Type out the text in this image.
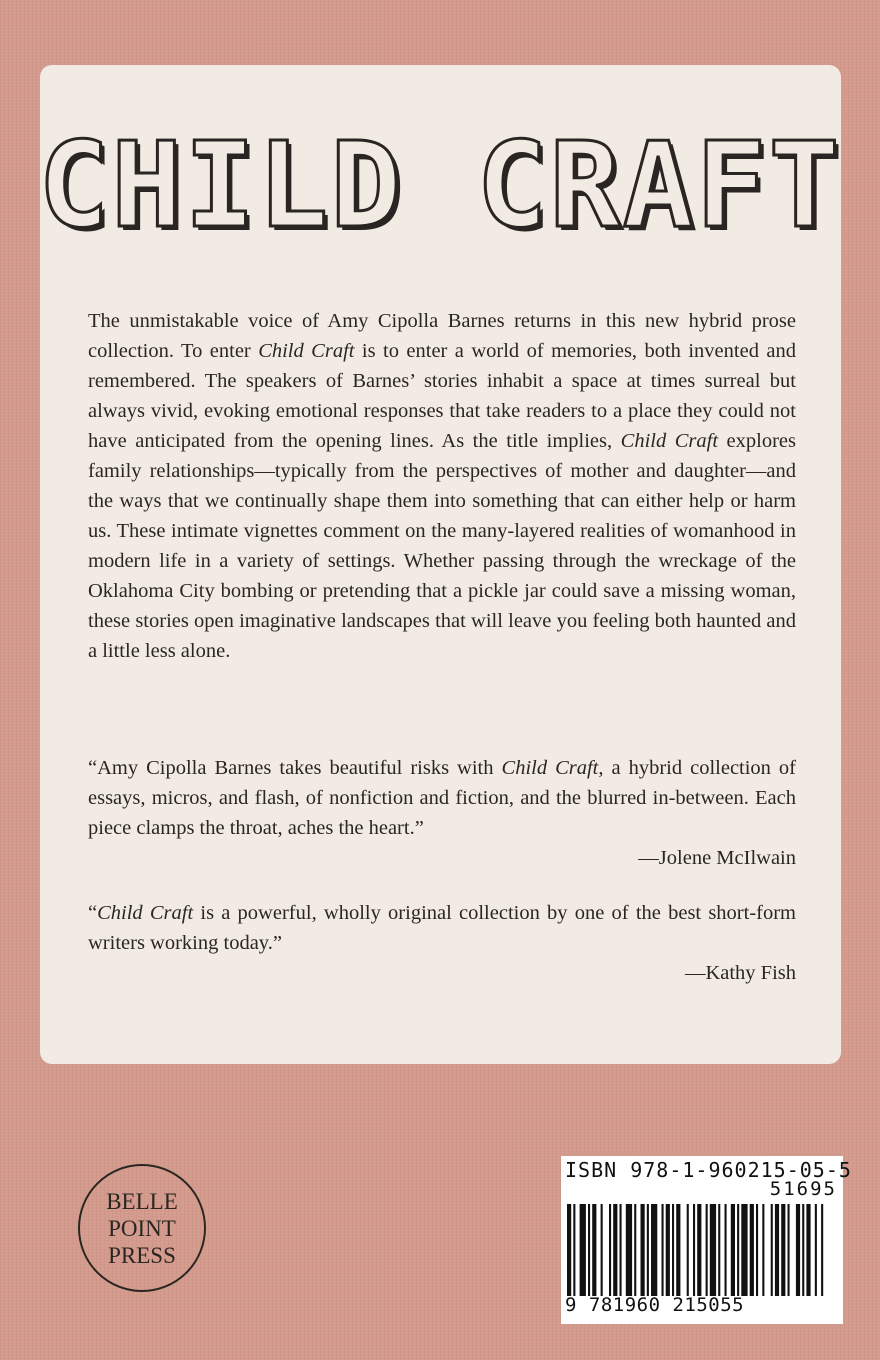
CHILD CRAFT

The unmistakable voice of Amy Cipolla Barnes returns in this new hybrid prose collection. To enter Child Craft is to enter a world of memories, both invented and remembered. The speakers of Barnes’ stories inhabit a space at times surreal but always vivid, evoking emotional responses that take readers to a place they could not have anticipated from the opening lines. As the title implies, Child Craft explores family relationships—typically from the perspectives of mother and daughter—and the ways that we continually shape them into something that can either help or harm us. These intimate vignettes comment on the many-layered realities of womanhood in modern life in a variety of settings. Whether passing through the wreckage of the Oklahoma City bombing or pretending that a pickle jar could save a missing woman, these stories open imaginative landscapes that will leave you feeling both haunted and a little less alone.

“Amy Cipolla Barnes takes beautiful risks with Child Craft, a hybrid collection of essays, micros, and flash, of nonfiction and fiction, and the blurred in-between. Each piece clamps the throat, aches the heart.”
—Jolene McIlwain

“Child Craft is a powerful, wholly original collection by one of the best short-form writers working today.”
—Kathy Fish

BELLE
POINT
PRESS
ISBN 978-1-960215-05-5
51695
9 781960 215055
